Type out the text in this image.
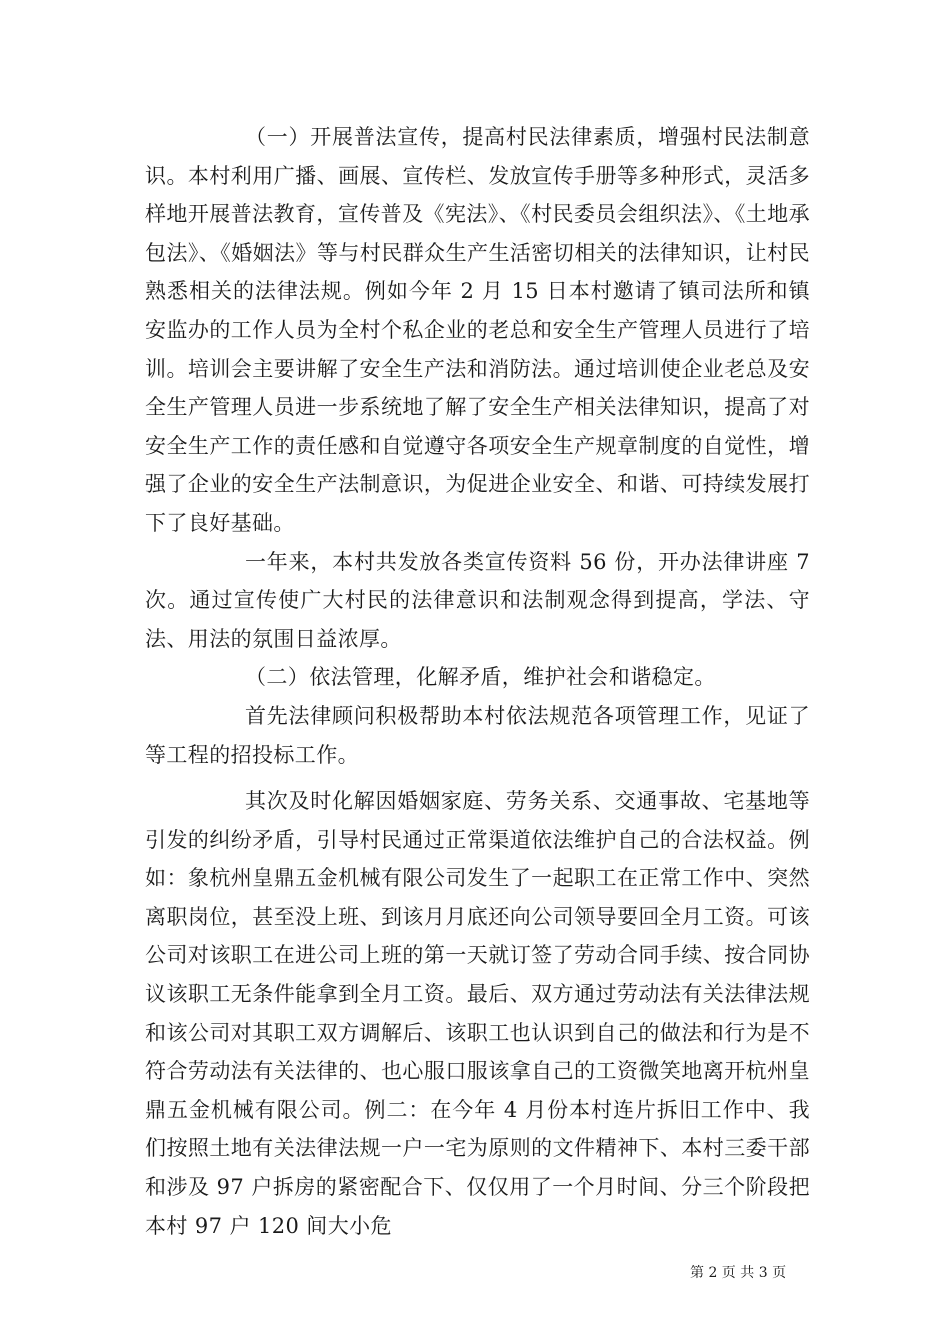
（一）开展普法宣传，提高村民法律素质，增强村民法制意识。本村利用广播、画展、宣传栏、发放宣传手册等多种形式，灵活多样地开展普法教育，宣传普及《宪法》、《村民委员会组织法》、《土地承包法》、《婚姻法》等与村民群众生产生活密切相关的法律知识，让村民熟悉相关的法律法规。例如今年 2 月 15 日本村邀请了镇司法所和镇安监办的工作人员为全村个私企业的老总和安全生产管理人员进行了培训。培训会主要讲解了安全生产法和消防法。通过培训使企业老总及安全生产管理人员进一步系统地了解了安全生产相关法律知识，提高了对安全生产工作的责任感和自觉遵守各项安全生产规章制度的自觉性，增强了企业的安全生产法制意识，为促进企业安全、和谐、可持续发展打下了良好基础。

一年来，本村共发放各类宣传资料 56 份，开办法律讲座 7 次。通过宣传使广大村民的法律意识和法制观念得到提高，学法、守法、用法的氛围日益浓厚。

（二）依法管理，化解矛盾，维护社会和谐稳定。

首先法律顾问积极帮助本村依法规范各项管理工作，见证了等工程的招投标工作。

其次及时化解因婚姻家庭、劳务关系、交通事故、宅基地等引发的纠纷矛盾，引导村民通过正常渠道依法维护自己的合法权益。例如：象杭州皇鼎五金机械有限公司发生了一起职工在正常工作中、突然离职岗位，甚至没上班、到该月月底还向公司领导要回全月工资。可该公司对该职工在进公司上班的第一天就订签了劳动合同手续、按合同协议该职工无条件能拿到全月工资。最后、双方通过劳动法有关法律法规和该公司对其职工双方调解后、该职工也认识到自己的做法和行为是不符合劳动法有关法律的、也心服口服该拿自己的工资微笑地离开杭州皇鼎五金机械有限公司。例二：在今年 4 月份本村连片拆旧工作中、我们按照土地有关法律法规一户一宅为原则的文件精神下、本村三委干部和涉及 97 户拆房的紧密配合下、仅仅用了一个月时间、分三个阶段把本村 97 户 120 间大小危

第 2 页 共 3 页
